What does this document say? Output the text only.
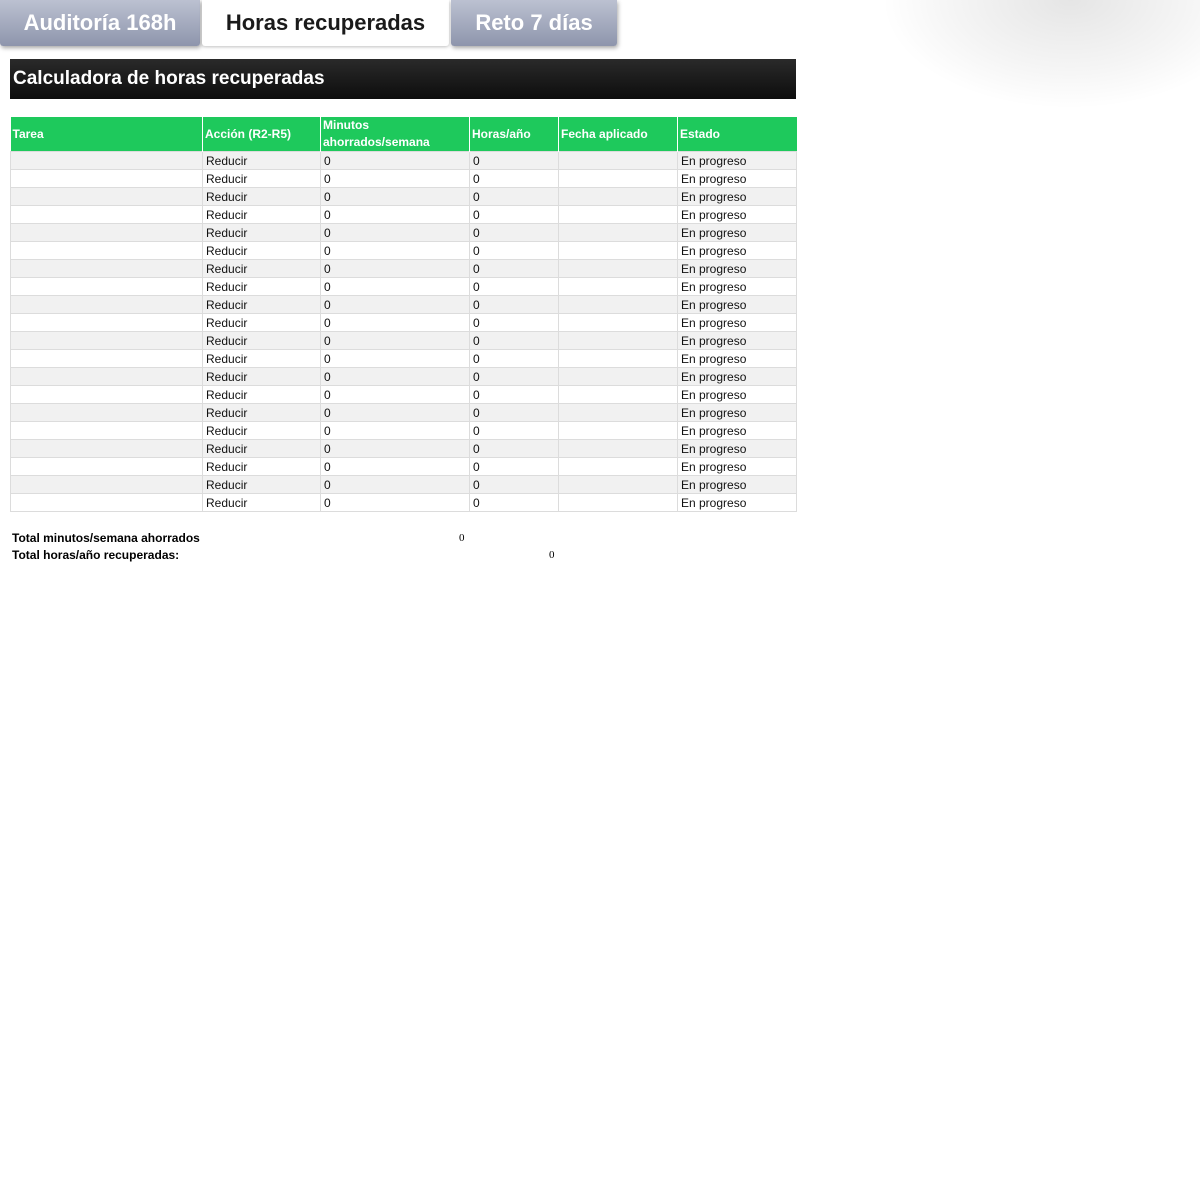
Auditoría 168h	Horas recuperadas	Reto 7 días
Calculadora de horas recuperadas
Tarea	Acción (R2-R5)	Minutos ahorrados/semana	Horas/año	Fecha aplicado	Estado
	Reducir	0	0		En progreso
	Reducir	0	0		En progreso
	Reducir	0	0		En progreso
	Reducir	0	0		En progreso
	Reducir	0	0		En progreso
	Reducir	0	0		En progreso
	Reducir	0	0		En progreso
	Reducir	0	0		En progreso
	Reducir	0	0		En progreso
	Reducir	0	0		En progreso
	Reducir	0	0		En progreso
	Reducir	0	0		En progreso
	Reducir	0	0		En progreso
	Reducir	0	0		En progreso
	Reducir	0	0		En progreso
	Reducir	0	0		En progreso
	Reducir	0	0		En progreso
	Reducir	0	0		En progreso
	Reducir	0	0		En progreso
	Reducir	0	0		En progreso
Total minutos/semana ahorrados	0
Total horas/año recuperadas:	0
